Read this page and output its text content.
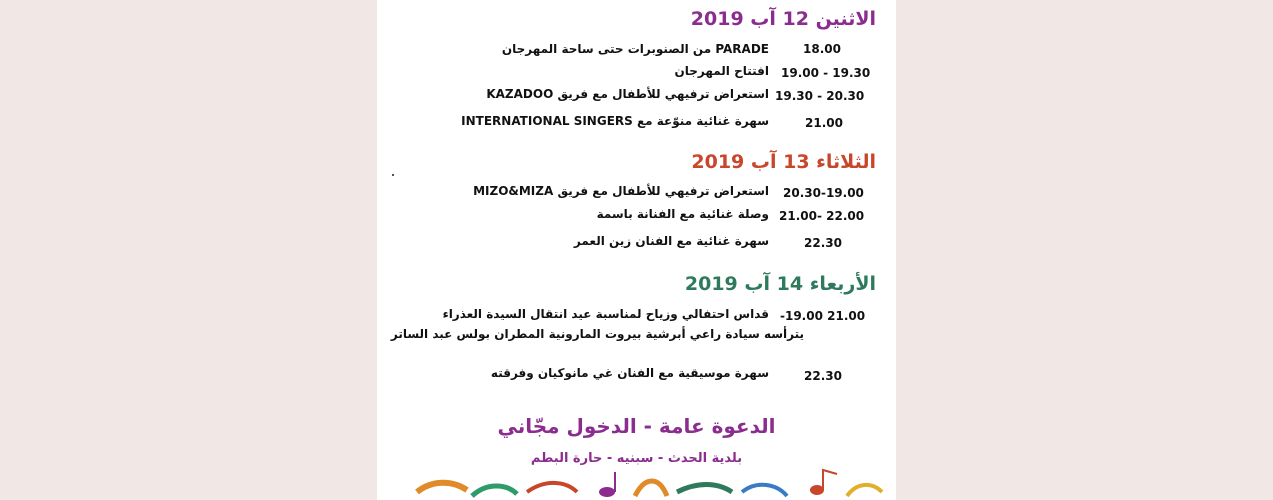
الاثنين 12 آب 2019
18.00
PARADE من الصنوبرات حتى ساحة المهرجان
19.00 - 19.30
افتتاح المهرجان
19.30 - 20.30
استعراض ترفيهي للأطفال مع فريق KAZADOO
21.00
سهرة غنائية منوّعة مع INTERNATIONAL SINGERS
الثلاثاء 13 آب 2019
20.30-19.00
استعراض ترفيهي للأطفال مع فريق MIZO&MIZA
21.00- 22.00
وصلة غنائية مع الفنانة باسمة
22.30
سهرة غنائية مع الفنان زين العمر
الأربعاء 14 آب 2019
-19.00 21.00
قداس احتفالي وزياح لمناسبة عيد انتقال السيدة العذراء
يترأسه سيادة راعي أبرشية بيروت المارونية المطران بولس عبد الساتر
22.30
سهرة موسيقية مع الفنان غي مانوكيان وفرقته
الدعوة عامة - الدخول مجّاني
بلدية الحدث - سبنيه - حارة البطم
